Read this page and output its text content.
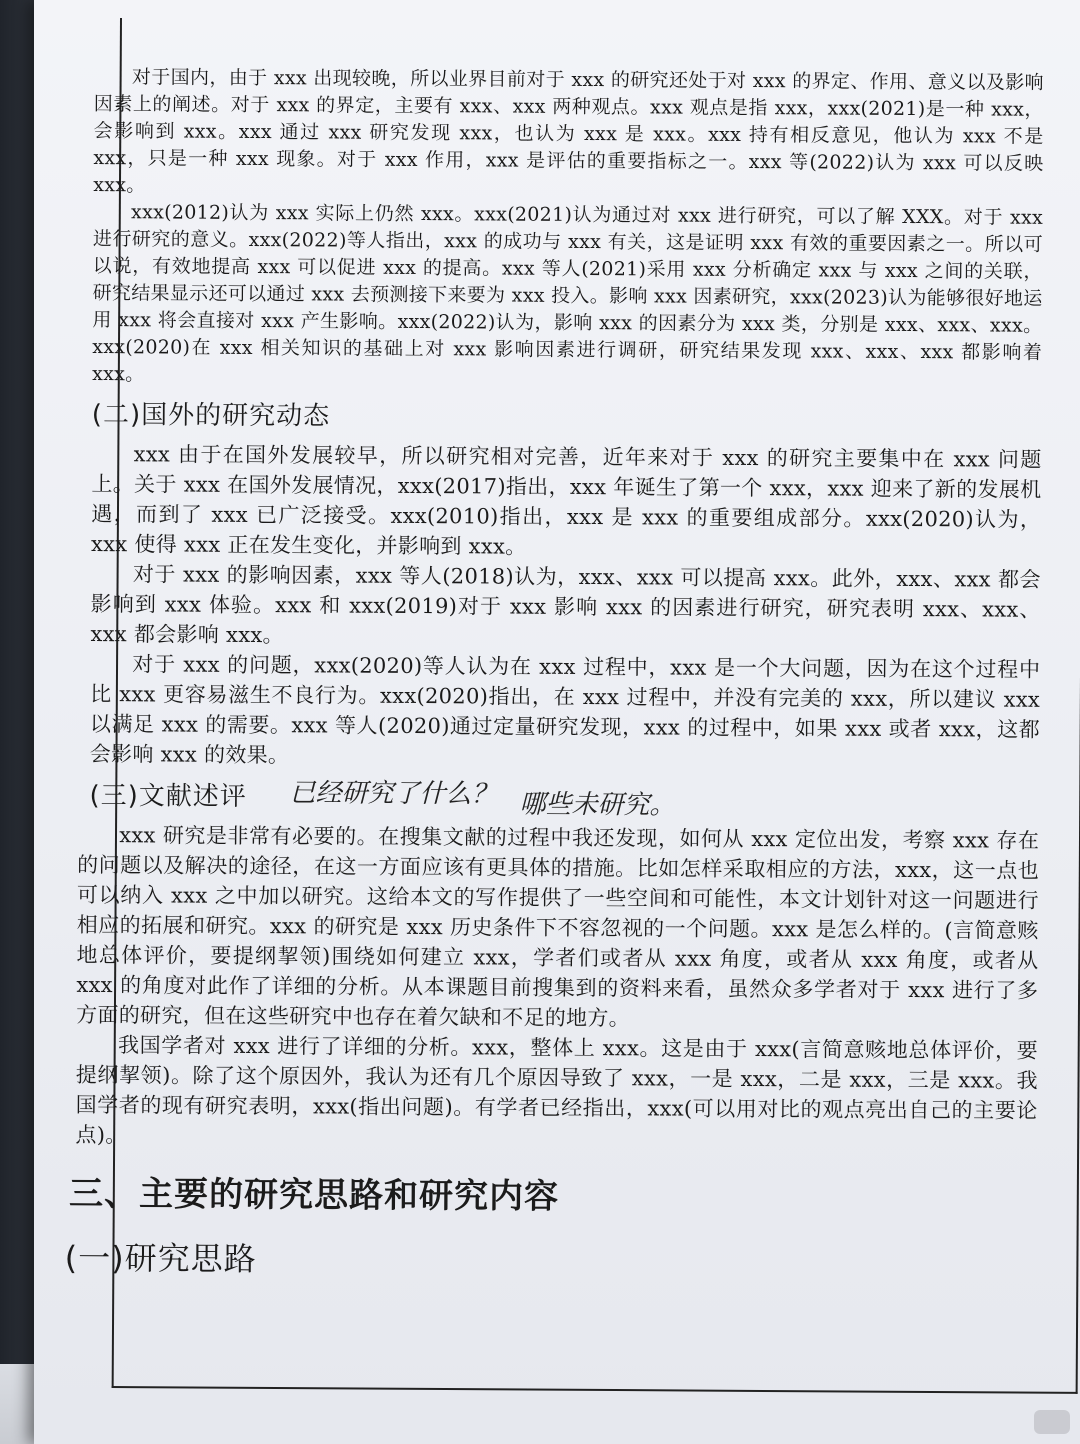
对于国内，由于 xxx 出现较晚，所以业界目前对于 xxx 的研究还处于对 xxx 的界定、作用、意义以及影响因素上的阐述。对于 xxx 的界定，主要有 xxx、xxx 两种观点。xxx 观点是指 xxx，xxx(2021)是一种 xxx，会影响到 xxx。xxx 通过 xxx 研究发现 xxx，也认为 xxx 是 xxx。xxx 持有相反意见，他认为 xxx 不是 xxx，只是一种 xxx 现象。对于 xxx 作用，xxx 是评估的重要指标之一。xxx 等(2022)认为 xxx 可以反映 xxx。

xxx(2012)认为 xxx 实际上仍然 xxx。xxx(2021)认为通过对 xxx 进行研究，可以了解 XXX。对于 xxx 进行研究的意义。xxx(2022)等人指出，xxx 的成功与 xxx 有关，这是证明 xxx 有效的重要因素之一。所以可以说，有效地提高 xxx 可以促进 xxx 的提高。xxx 等人(2021)采用 xxx 分析确定 xxx 与 xxx 之间的关联，研究结果显示还可以通过 xxx 去预测接下来要为 xxx 投入。影响 xxx 因素研究，xxx(2023)认为能够很好地运用 xxx 将会直接对 xxx 产生影响。xxx(2022)认为，影响 xxx 的因素分为 xxx 类，分别是 xxx、xxx、xxx。xxx(2020)在 xxx 相关知识的基础上对 xxx 影响因素进行调研，研究结果发现 xxx、xxx、xxx 都影响着 xxx。

(二)国外的研究动态

xxx 由于在国外发展较早，所以研究相对完善，近年来对于 xxx 的研究主要集中在 xxx 问题上。关于 xxx 在国外发展情况，xxx(2017)指出，xxx 年诞生了第一个 xxx，xxx 迎来了新的发展机遇，而到了 xxx 已广泛接受。xxx(2010)指出，xxx 是 xxx 的重要组成部分。xxx(2020)认为，xxx 使得 xxx 正在发生变化，并影响到 xxx。

对于 xxx 的影响因素，xxx 等人(2018)认为，xxx、xxx 可以提高 xxx。此外，xxx、xxx 都会影响到 xxx 体验。xxx 和 xxx(2019)对于 xxx 影响 xxx 的因素进行研究，研究表明 xxx、xxx、xxx 都会影响 xxx。

对于 xxx 的问题，xxx(2020)等人认为在 xxx 过程中，xxx 是一个大问题，因为在这个过程中比 xxx 更容易滋生不良行为。xxx(2020)指出，在 xxx 过程中，并没有完美的 xxx，所以建议 xxx 以满足 xxx 的需要。xxx 等人(2020)通过定量研究发现，xxx 的过程中，如果 xxx 或者 xxx，这都会影响 xxx 的效果。

(三)文献述评	已经研究了什么？ 哪些未研究。

xxx 研究是非常有必要的。在搜集文献的过程中我还发现，如何从 xxx 定位出发，考察 xxx 存在的问题以及解决的途径，在这一方面应该有更具体的措施。比如怎样采取相应的方法，xxx，这一点也可以纳入 xxx 之中加以研究。这给本文的写作提供了一些空间和可能性，本文计划针对这一问题进行相应的拓展和研究。xxx 的研究是 xxx 历史条件下不容忽视的一个问题。xxx 是怎么样的。(言简意赅地总体评价，要提纲挈领)围绕如何建立 xxx，学者们或者从 xxx 角度，或者从 xxx 角度，或者从 xxx 的角度对此作了详细的分析。从本课题目前搜集到的资料来看，虽然众多学者对于 xxx 进行了多方面的研究，但在这些研究中也存在着欠缺和不足的地方。

我国学者对 xxx 进行了详细的分析。xxx，整体上 xxx。这是由于 xxx(言简意赅地总体评价，要提纲挈领)。除了这个原因外，我认为还有几个原因导致了 xxx，一是 xxx，二是 xxx，三是 xxx。我国学者的现有研究表明，xxx(指出问题)。有学者已经指出，xxx(可以用对比的观点亮出自己的主要论点)。

三、主要的研究思路和研究内容
(一)研究思路
